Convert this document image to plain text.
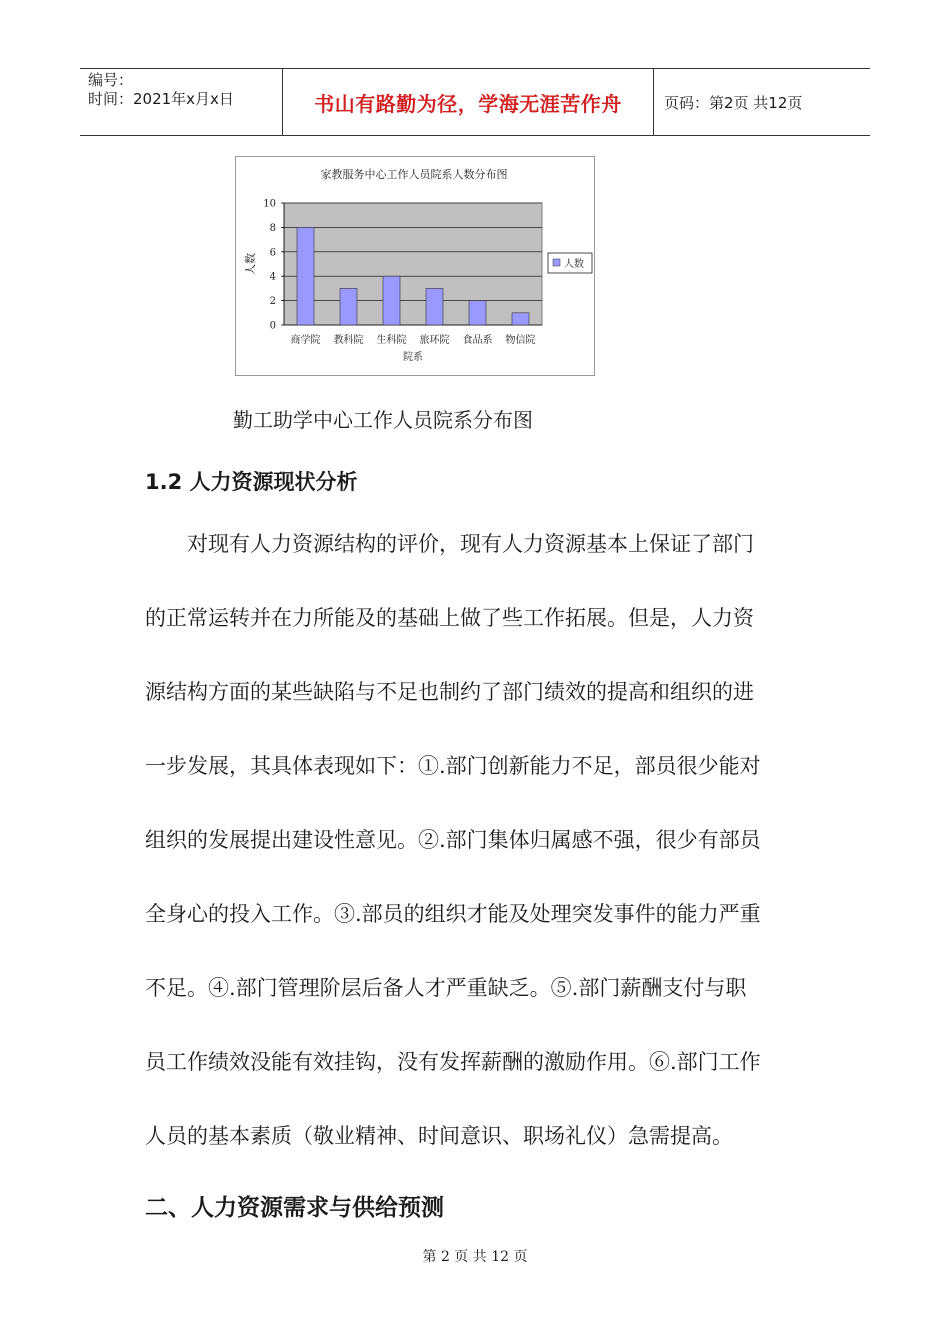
编号：
时间：2021年x月x日	书山有路勤为径，学海无涯苦作舟	页码：第2页 共12页
家教服务中心工作人员院系人数分布图
0
2
4
6
8
10
商学院 教科院 生科院 旅环院 食品系 物信院
院系
人数	人数
勤工助学中心工作人员院系分布图
1.2 人力资源现状分析
对现有人力资源结构的评价，现有人力资源基本上保证了部门
的正常运转并在力所能及的基础上做了些工作拓展。但是，人力资
源结构方面的某些缺陷与不足也制约了部门绩效的提高和组织的进
一步发展，其具体表现如下：①.部门创新能力不足，部员很少能对
组织的发展提出建设性意见。②.部门集体归属感不强，很少有部员
全身心的投入工作。③.部员的组织才能及处理突发事件的能力严重
不足。④.部门管理阶层后备人才严重缺乏。⑤.部门薪酬支付与职
员工作绩效没能有效挂钩，没有发挥薪酬的激励作用。⑥.部门工作
人员的基本素质（敬业精神、时间意识、职场礼仪）急需提高。
二、人力资源需求与供给预测
第 2 页 共 12 页
